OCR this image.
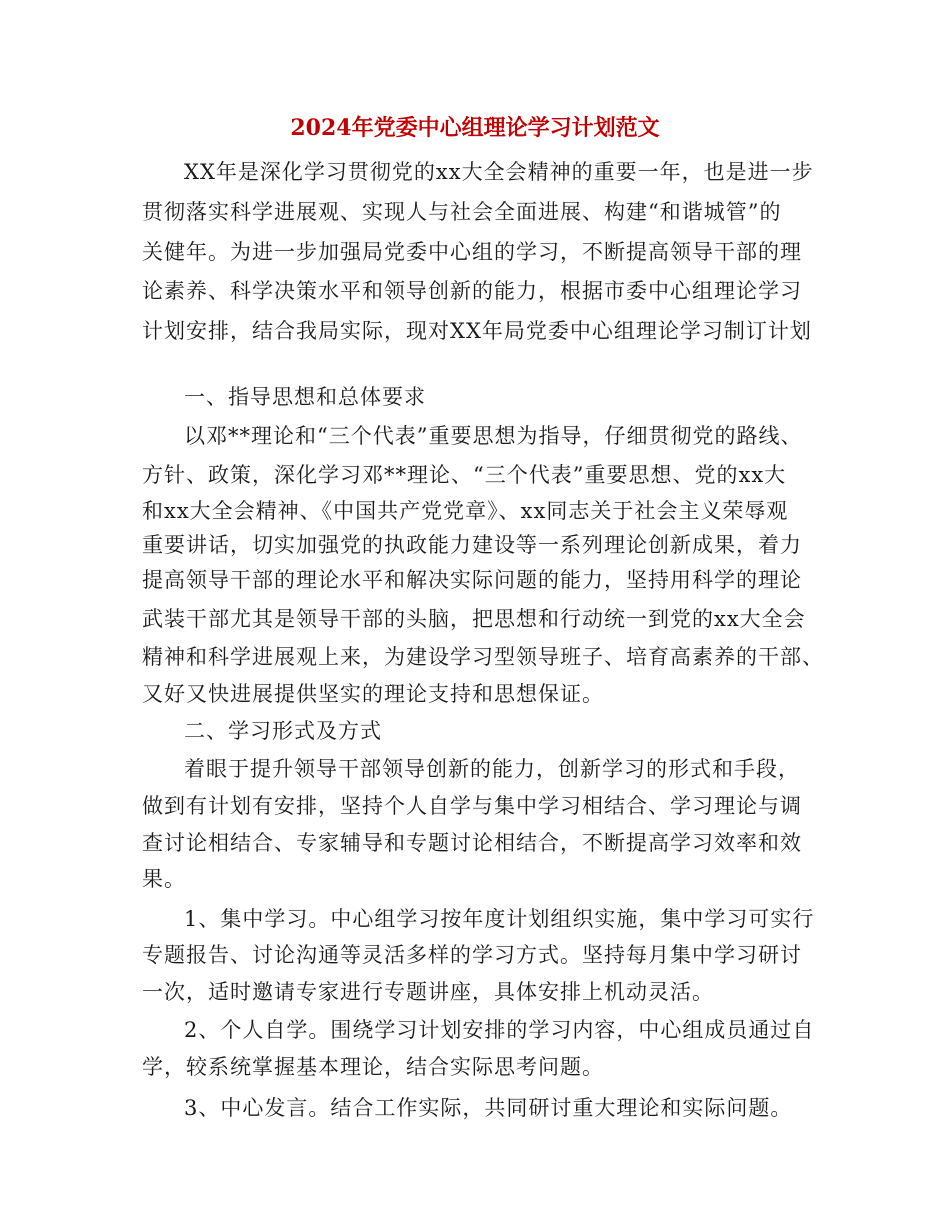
2024年党委中心组理论学习计划范文
XX年是深化学习贯彻党的xx大全会精神的重要一年，也是进一步
贯彻落实科学进展观、实现人与社会全面进展、构建“和谐城管”的
关健年。为进一步加强局党委中心组的学习，不断提高领导干部的理
论素养、科学决策水平和领导创新的能力，根据市委中心组理论学习
计划安排，结合我局实际，现对XX年局党委中心组理论学习制订计划
一、指导思想和总体要求
以邓**理论和“三个代表”重要思想为指导，仔细贯彻党的路线、
方针、政策，深化学习邓**理论、“三个代表”重要思想、党的xx大
和xx大全会精神、《中国共产党党章》、xx同志关于社会主义荣辱观
重要讲话，切实加强党的执政能力建设等一系列理论创新成果，着力
提高领导干部的理论水平和解决实际问题的能力，坚持用科学的理论
武装干部尤其是领导干部的头脑，把思想和行动统一到党的xx大全会
精神和科学进展观上来，为建设学习型领导班子、培育高素养的干部、
又好又快进展提供坚实的理论支持和思想保证。
二、学习形式及方式
着眼于提升领导干部领导创新的能力，创新学习的形式和手段，
做到有计划有安排，坚持个人自学与集中学习相结合、学习理论与调
查讨论相结合、专家辅导和专题讨论相结合，不断提高学习效率和效
果。
1、集中学习。中心组学习按年度计划组织实施，集中学习可实行
专题报告、讨论沟通等灵活多样的学习方式。坚持每月集中学习研讨
一次，适时邀请专家进行专题讲座，具体安排上机动灵活。
2、个人自学。围绕学习计划安排的学习内容，中心组成员通过自
学，较系统掌握基本理论，结合实际思考问题。
3、中心发言。结合工作实际，共同研讨重大理论和实际问题。
